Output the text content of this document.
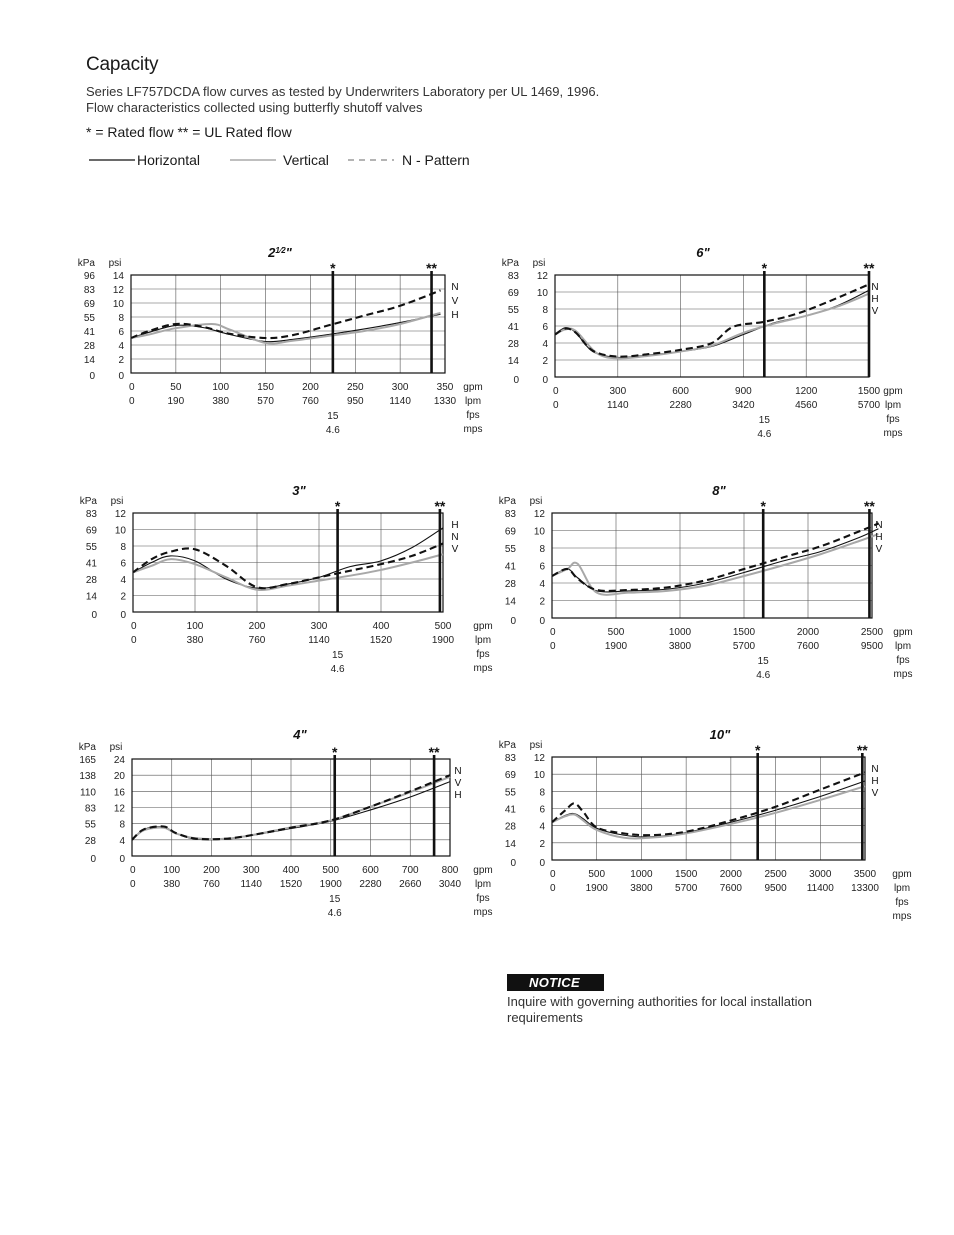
Capacity
Series LF757DCDA flow curves as tested by Underwriters Laboratory per UL 1469, 1996.
Flow characteristics collected using butterfly shutoff valves
* = Rated flow ** = UL Rated flow
Horizontal	Vertical	N - Pattern
$2^{1⁄2}$"
kPa psi
0
0
2
14
4
28
6
41
8
55
10
69
12
83
14
96
0
0
50
190
100
380
150
570
200
760
250
950
300
1140
350
1330
gpm
lpm
fps
mps
*	**
15
4.6
N
V
H
6"
kPa psi
0
0
2
14
4
28
6
41
8
55
10
69
12
83
0
0
300
1140
600
2280
900
3420
1200
4560
1500
5700
gpm
lpm
fps
mps
*	**
15
4.6
N
H
V
3"
kPa psi
0
0
2
14
4
28
6
41
8
55
10
69
12
83
0
0
100
380
200
760
300
1140
400
1520
500
1900
gpm
lpm
fps
mps
*	**
15
4.6
H
N
V
8"
kPa psi
0
0
2
14
4
28
6
41
8
55
10
69
12
83
0
0
500
1900
1000
3800
1500
5700
2000
7600
2500
9500
gpm
lpm
fps
mps
*	**
15
4.6
N
H
V
4"
kPa psi
0
0
4
28
8
55
12
83
16
110
20
138
24
165
0
0
100
380
200
760
300
1140
400
1520
500
1900
600
2280
700
2660
800
3040
gpm
lpm
fps
mps
*	**
15
4.6
N
V
H
10"
kPa psi
0
0
2
14
4
28
6
41
8
55
10
69
12
83
0
0
500
1900
1000
3800
1500
5700
2000
7600
2500
9500
3000
11400
3500
13300
gpm
lpm
fps
mps
*	**
N
H
V
NOTICE
Inquire with governing authorities for local installation
requirements
